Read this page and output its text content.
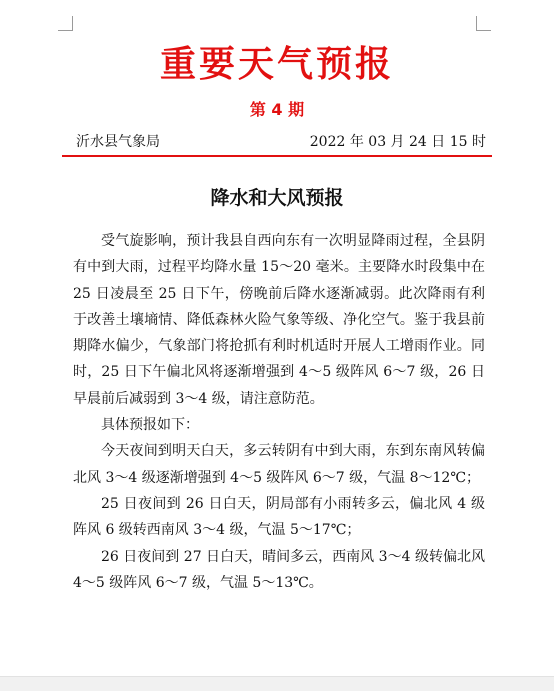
重要天气预报
第 4 期
沂水县气象局	2022 年 03 月 24 日 15 时
降水和大风预报

受气旋影响，预计我县自西向东有一次明显降雨过程，全县阴有中到大雨，过程平均降水量 15～20 毫米。主要降水时段集中在 25 日凌晨至 25 日下午，傍晚前后降水逐渐减弱。此次降雨有利于改善土壤墒情、降低森林火险气象等级、净化空气。鉴于我县前期降水偏少，气象部门将抢抓有利时机适时开展人工增雨作业。同时，25 日下午偏北风将逐渐增强到 4～5 级阵风 6～7 级，26 日早晨前后减弱到 3～4 级，请注意防范。

具体预报如下：

今天夜间到明天白天，多云转阴有中到大雨，东到东南风转偏北风 3～4 级逐渐增强到 4～5 级阵风 6～7 级，气温 8～12℃；

25 日夜间到 26 日白天，阴局部有小雨转多云，偏北风 4 级阵风 6 级转西南风 3～4 级，气温 5～17℃；

26 日夜间到 27 日白天，晴间多云，西南风 3～4 级转偏北风 4～5 级阵风 6～7 级，气温 5～13℃。
